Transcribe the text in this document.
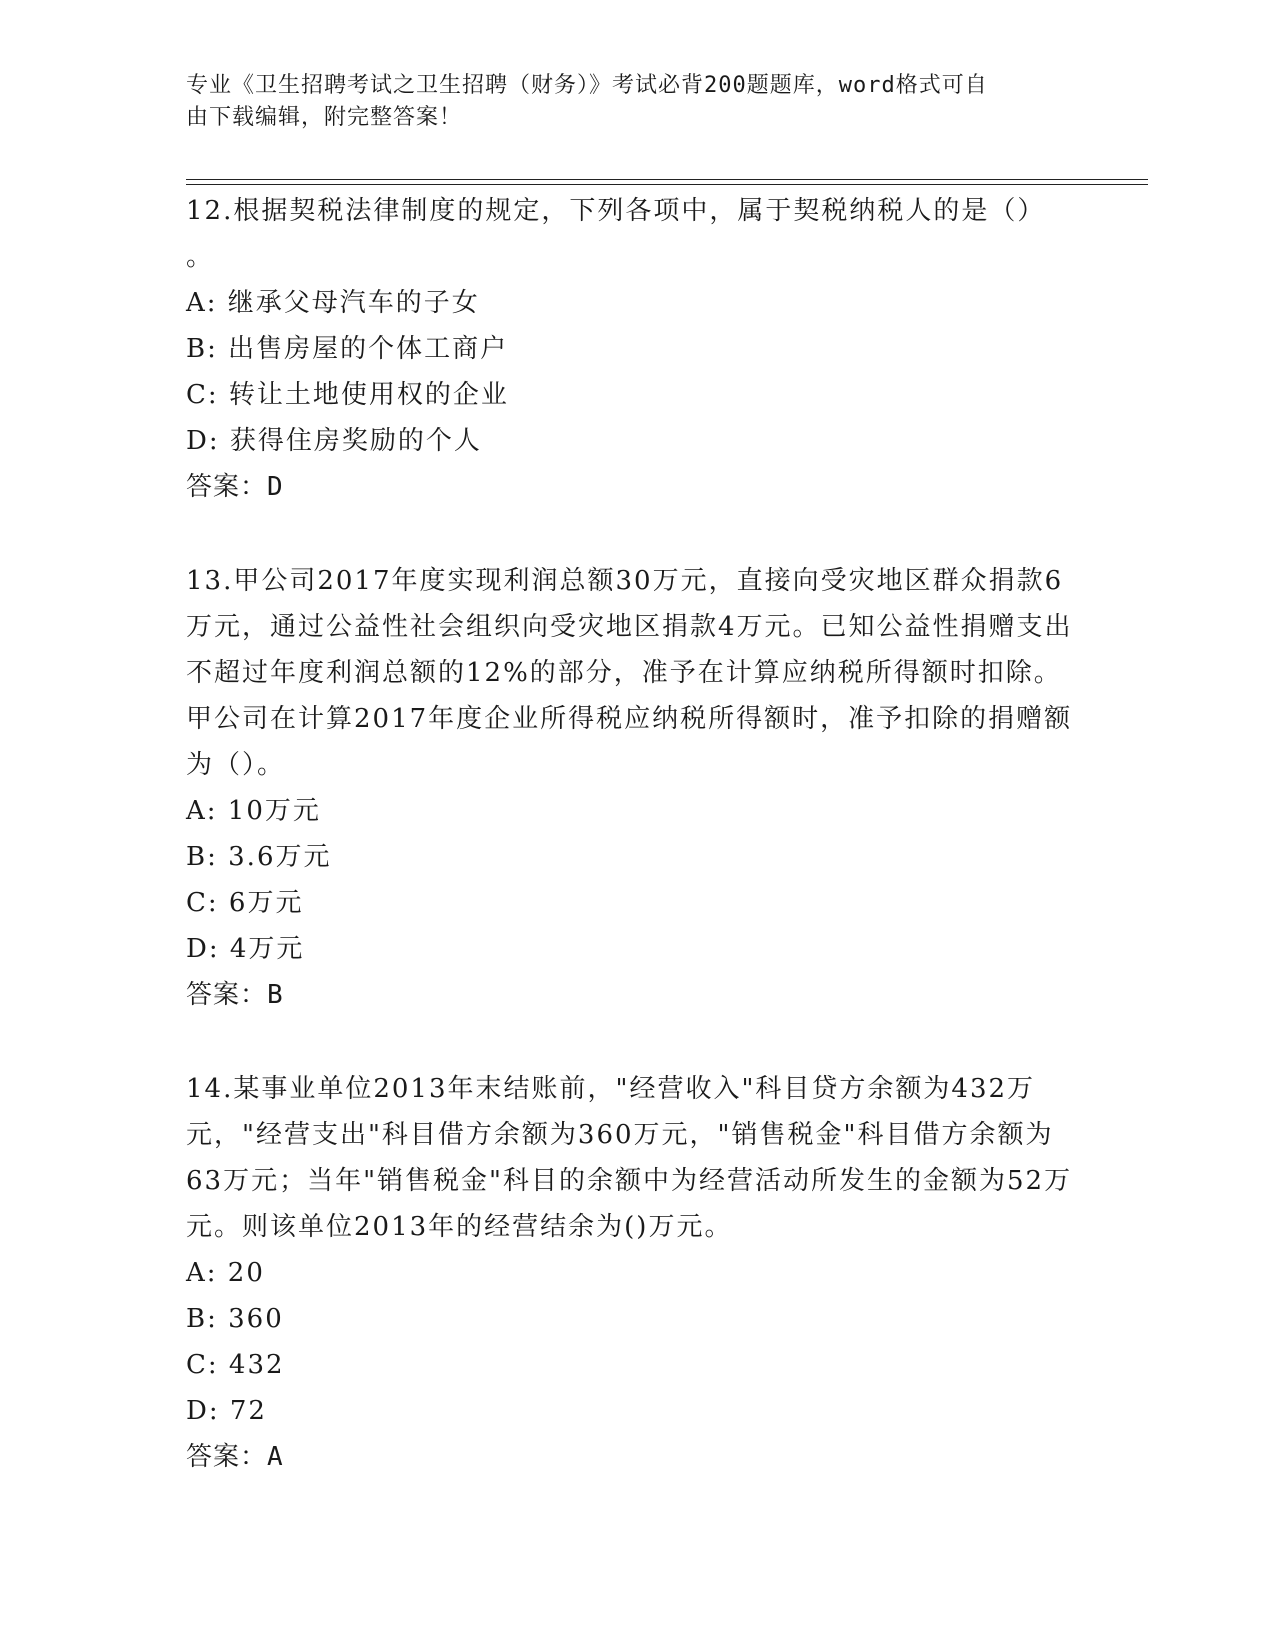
专业《卫生招聘考试之卫生招聘（财务）》考试必背200题题库，word格式可自
由下载编辑，附完整答案！

12.根据契税法律制度的规定，下列各项中，属于契税纳税人的是（）

。

A: 继承父母汽车的子女

B: 出售房屋的个体工商户

C: 转让土地使用权的企业

D: 获得住房奖励的个人

答案：D

13.甲公司2017年度实现利润总额30万元，直接向受灾地区群众捐款6万元，通过公益性社会组织向受灾地区捐款4万元。已知公益性捐赠支出不超过年度利润总额的12%的部分，准予在计算应纳税所得额时扣除。甲公司在计算2017年度企业所得税应纳税所得额时，准予扣除的捐赠额为（）。

A: 10万元

B: 3.6万元

C: 6万元

D: 4万元

答案：B

14.某事业单位2013年末结账前，"经营收入"科目贷方余额为432万元，"经营支出"科目借方余额为360万元，"销售税金"科目借方余额为63万元；当年"销售税金"科目的余额中为经营活动所发生的金额为52万元。则该单位2013年的经营结余为()万元。

A: 20

B: 360

C: 432

D: 72

答案：A
